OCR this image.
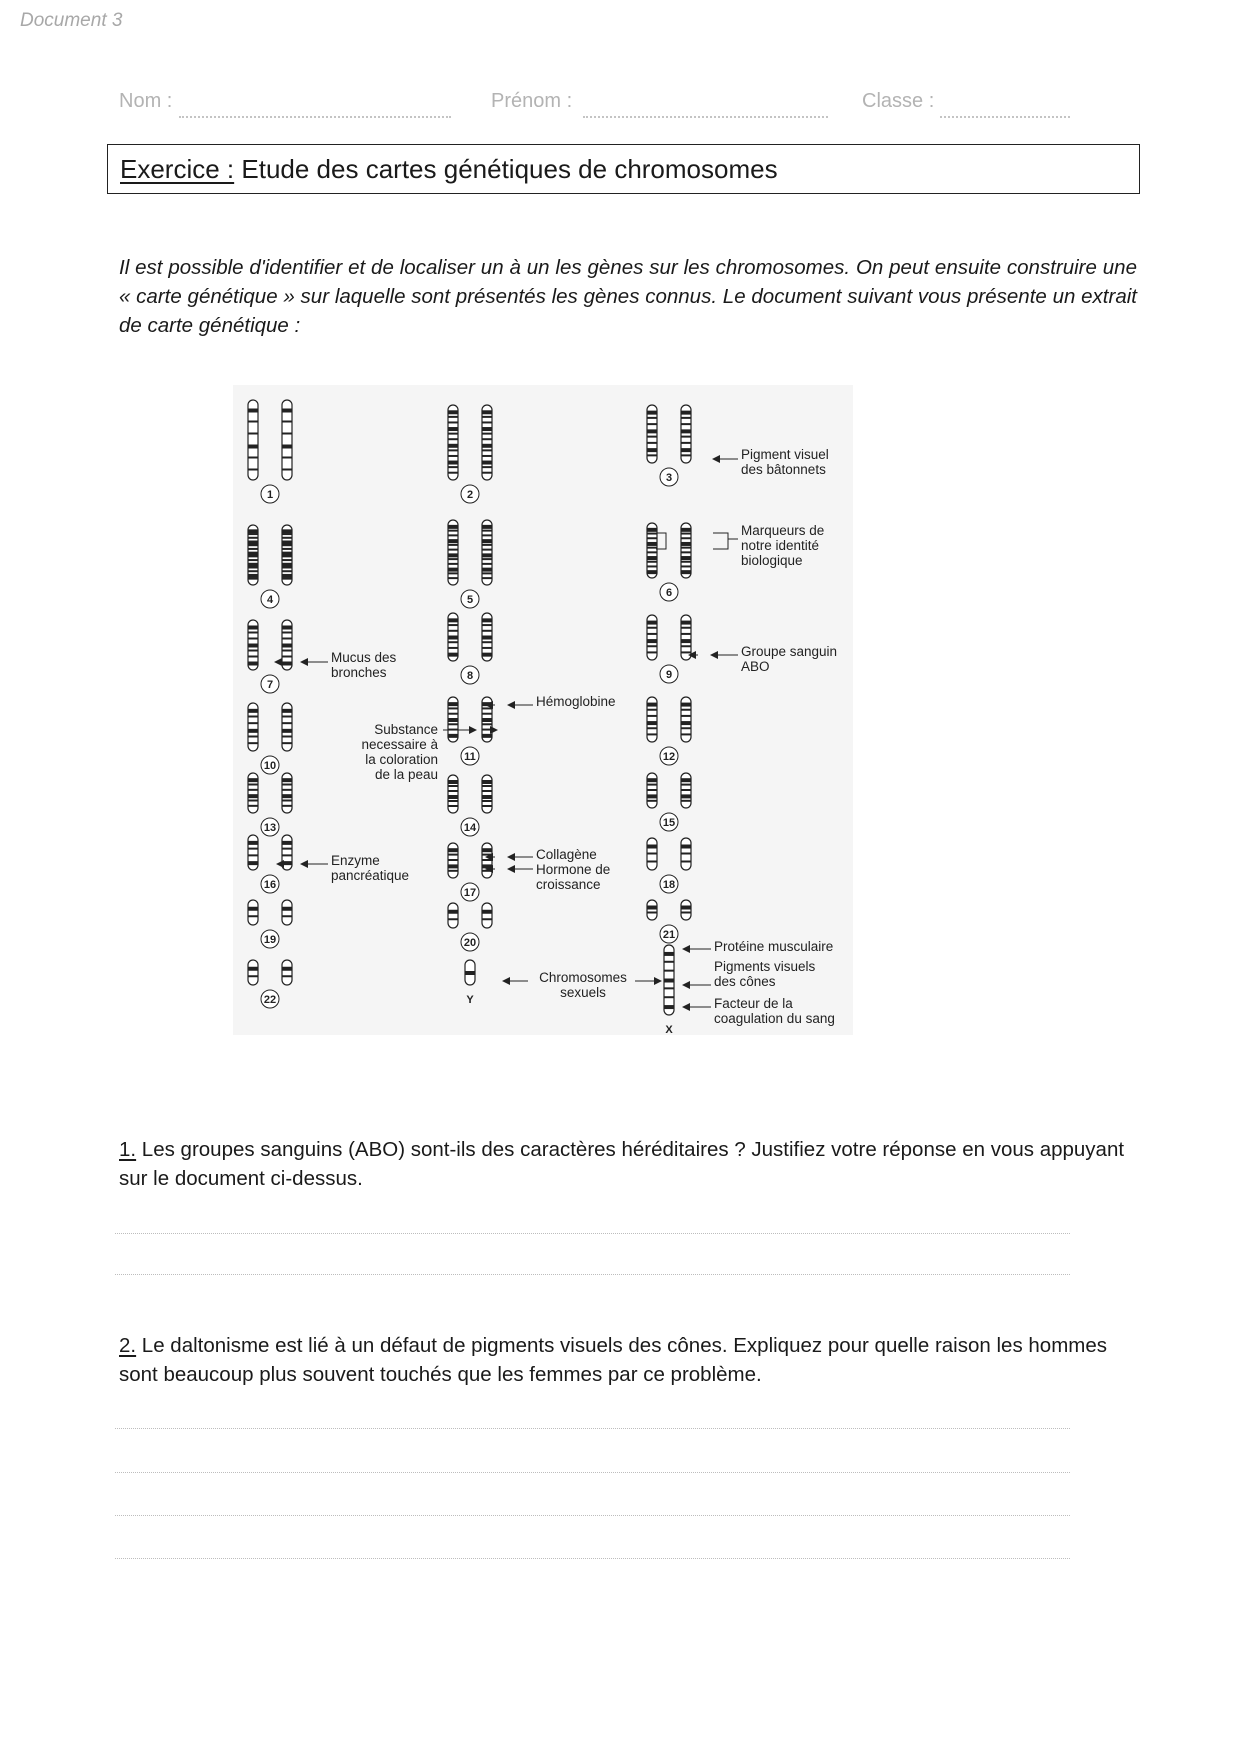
Document 3
Nom :	Prénom :	Classe :
Exercice : Etude des cartes génétiques de chromosomes
Il est possible d'identifier et de localiser un à un les gènes sur les chromosomes. On peut ensuite construire une « carte génétique » sur laquelle sont présentés les gènes connus. Le document suivant vous présente un extrait de carte génétique :
1	2
3
4	5
6
7
8	9
10
11	12
13	14	15
16
17
18
19	20
21
22	Y
X
Pigment visuel
des bâtonnets
Marqueurs de
notre identité
biologique
Mucus des
bronches
Groupe sanguin
ABO
Hémoglobine
Substance
necessaire à
la coloration
de la peau
Enzyme
pancréatique
Collagène
Hormone de
croissance
Chromosomes
sexuels
Protéine musculaire
Pigments visuels
des cônes
Facteur de la
coagulation du sang
1. Les groupes sanguins (ABO) sont-ils des caractères héréditaires ? Justifiez votre réponse en vous appuyant sur le document ci-dessus.
2. Le daltonisme est lié à un défaut de pigments visuels des cônes. Expliquez pour quelle raison les hommes sont beaucoup plus souvent touchés que les femmes par ce problème.
